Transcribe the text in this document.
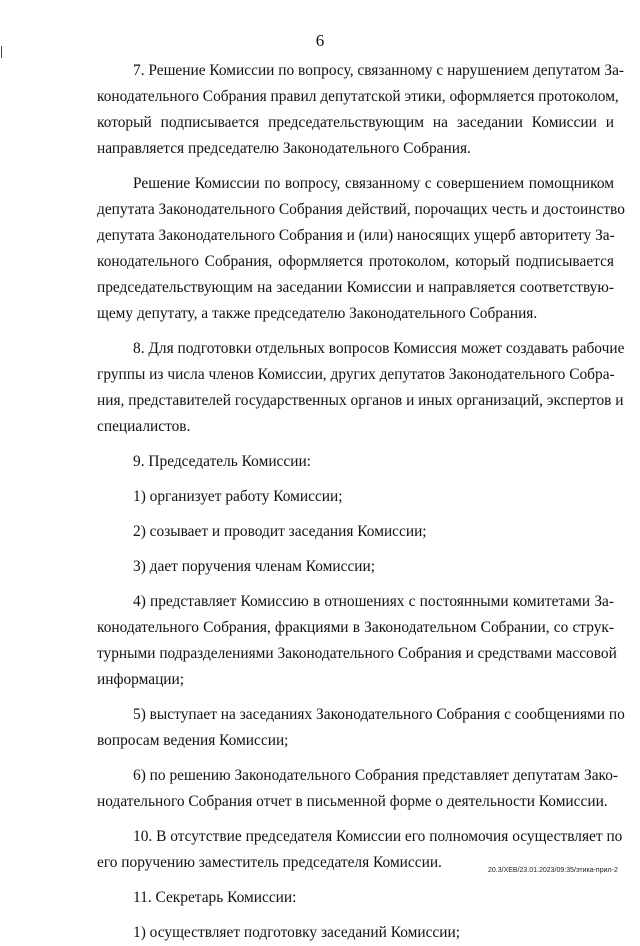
6
7. Решение Комиссии по вопросу, связанному с нарушением депутатом За-
конодательного Собрания правил депутатской этики, оформляется протоколом,
который подписывается председательствующим на заседании Комиссии и
направляется председателю Законодательного Собрания.
Решение Комиссии по вопросу, связанному с совершением помощником
депутата Законодательного Собрания действий, порочащих честь и достоинство
депутата Законодательного Собрания и (или) наносящих ущерб авторитету За-
конодательного Собрания, оформляется протоколом, который подписывается
председательствующим на заседании Комиссии и направляется соответствую-
щему депутату, а также председателю Законодательного Собрания.
8. Для подготовки отдельных вопросов Комиссия может создавать рабочие
группы из числа членов Комиссии, других депутатов Законодательного Собра-
ния, представителей государственных органов и иных организаций, экспертов и
специалистов.
9. Председатель Комиссии:
1) организует работу Комиссии;
2) созывает и проводит заседания Комиссии;
3) дает поручения членам Комиссии;
4) представляет Комиссию в отношениях с постоянными комитетами За-
конодательного Собрания, фракциями в Законодательном Собрании, со струк-
турными подразделениями Законодательного Собрания и средствами массовой
информации;
5) выступает на заседаниях Законодательного Собрания с сообщениями по
вопросам ведения Комиссии;
6) по решению Законодательного Собрания представляет депутатам Зако-
нодательного Собрания отчет в письменной форме о деятельности Комиссии.
10. В отсутствие председателя Комиссии его полномочия осуществляет по
его поручению заместитель председателя Комиссии.
11. Секретарь Комиссии:
1) осуществляет подготовку заседаний Комиссии;
20.3/ХЕВ/23.01.2023/09:35/этика-прил-2
